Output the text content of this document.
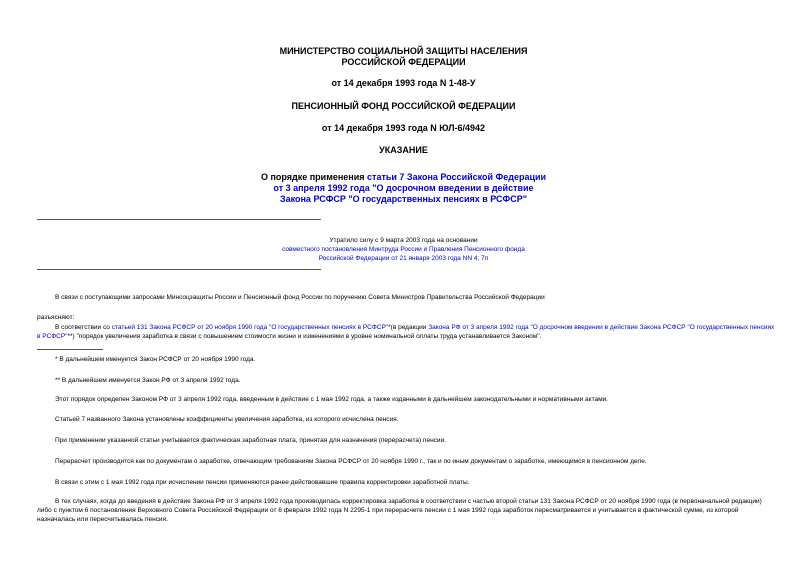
МИНИСТЕРСТВО СОЦИАЛЬНОЙ ЗАЩИТЫ НАСЕЛЕНИЯ
РОССИЙСКОЙ ФЕДЕРАЦИИ
от 14 декабря 1993 года N 1-48-У
ПЕНСИОННЫЙ ФОНД РОССИЙСКОЙ ФЕДЕРАЦИИ
от 14 декабря 1993 года N ЮЛ-6/4942
УКАЗАНИЕ
О порядке применения статьи 7 Закона Российской Федерации
от 3 апреля 1992 года "О досрочном введении в действие
Закона РСФСР "О государственных пенсиях в РСФСР"
Утратило силу с 9 марта 2003 года на основании
совместного постановления Минтруда России и Правления Пенсионного фонда
Российской Федерации от 21 января 2003 года NN 4; 7п
В связи с поступающими запросами Минсоцзащиты России и Пенсионный фонд России по поручению Совета Министров Правительства Российской Федерации
разъясняют:
В соответствии со статьей 131 Закона РСФСР от 20 ноября 1990 года "О государственных пенсиях в РСФСР"*(в редакции Закона РФ от 3 апреля 1992 года "О досрочном введении в действие Закона РСФСР "О государственных пенсиях в РСФСР"**) "порядок увеличения заработка в связи с повышением стоимости жизни и изменениями в уровне номинальной оплаты труда устанавливается Законом".
* В дальнейшем именуется Закон РСФСР от 20 ноября 1990 года.
** В дальнейшем именуется Закон РФ от 3 апреля 1992 года.
Этот порядок определен Законом РФ от 3 апреля 1992 года, введенным в действие с 1 мая 1992 года, а также изданными в дальнейшем законодательными и нормативными актами.
Статьей 7 названного Закона установлены коэффициенты увеличения заработка, из которого исчислена пенсия.
При применении указанной статьи учитывается фактическая заработная плата, принятая для назначения (перерасчета) пенсии.
Перерасчет производится как по документам о заработке, отвечающим требованиям Закона РСФСР от 20 ноября 1990 г., так и по иным документам о заработке, имеющимся в пенсионном деле.
В связи с этим с 1 мая 1992 года при исчислении пенсии применяются ранее действовавшие правила корректировки заработной платы.
В тех случаях, когда до введения в действие Закона РФ от 3 апреля 1992 года производилась корректировка заработка в соответствии с частью второй статьи 131 Закона РСФСР от 20 ноября 1990 года (в первоначальной редакции) либо с пунктом 6 постановления Верховного Совета Российской Федерации от 6 февраля 1992 года N 2295-1 при перерасчете пенсии с 1 мая 1992 года заработок пересматривается и учитывается в фактической сумме, из которой назначалась или пересчитывалась пенсия.
